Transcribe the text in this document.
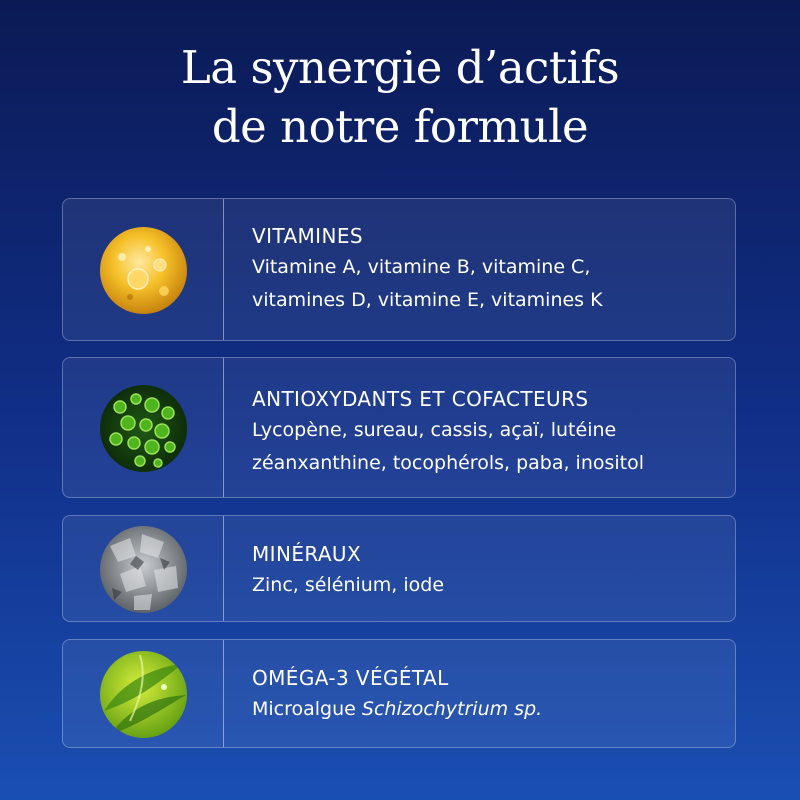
La synergie d’actifs
de notre formule
VITAMINES
Vitamine A, vitamine B, vitamine C,
vitamines D, vitamine E, vitamines K
ANTIOXYDANTS ET COFACTEURS
Lycopène, sureau, cassis, açaï, lutéine
zéanxanthine, tocophérols, paba, inositol
MINÉRAUX
Zinc, sélénium, iode
OMÉGA-3 VÉGÉTAL
Microalgue Schizochytrium sp.
